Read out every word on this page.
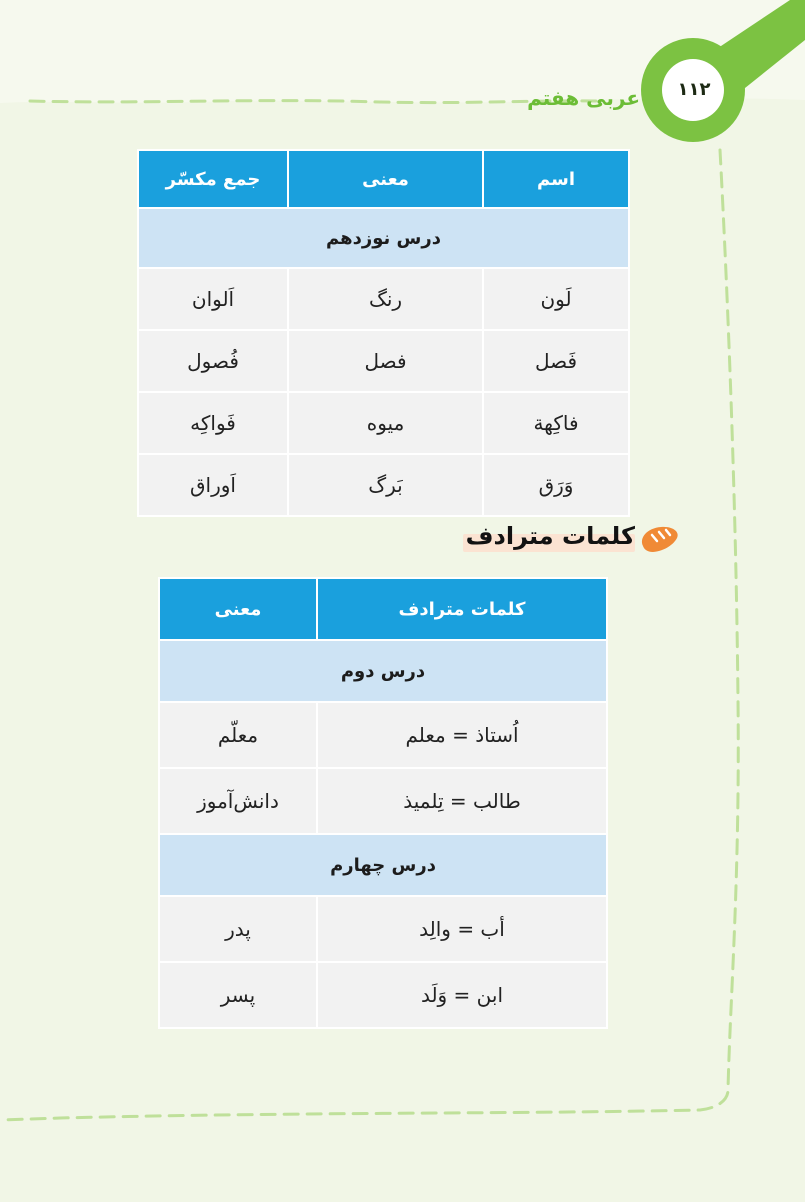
۱۱۲
عربی هفتم
اسم	معنی	جمع مکسّر
درس نوزدهم		
لَون	رنگ	اَلوان
فَصل	فصل	فُصول
فاکِهة	میوه	فَواکِه
وَرَق	بَرگ	اَوراق
کلمات مترادف
کلمات مترادف	معنی
درس دوم	
اُستاذ = معلم	معلّم
طالب = تِلمیذ	دانش‌آموز
درس چهارم	
أب = والِد	پدر
ابن = وَلَد	پسر
